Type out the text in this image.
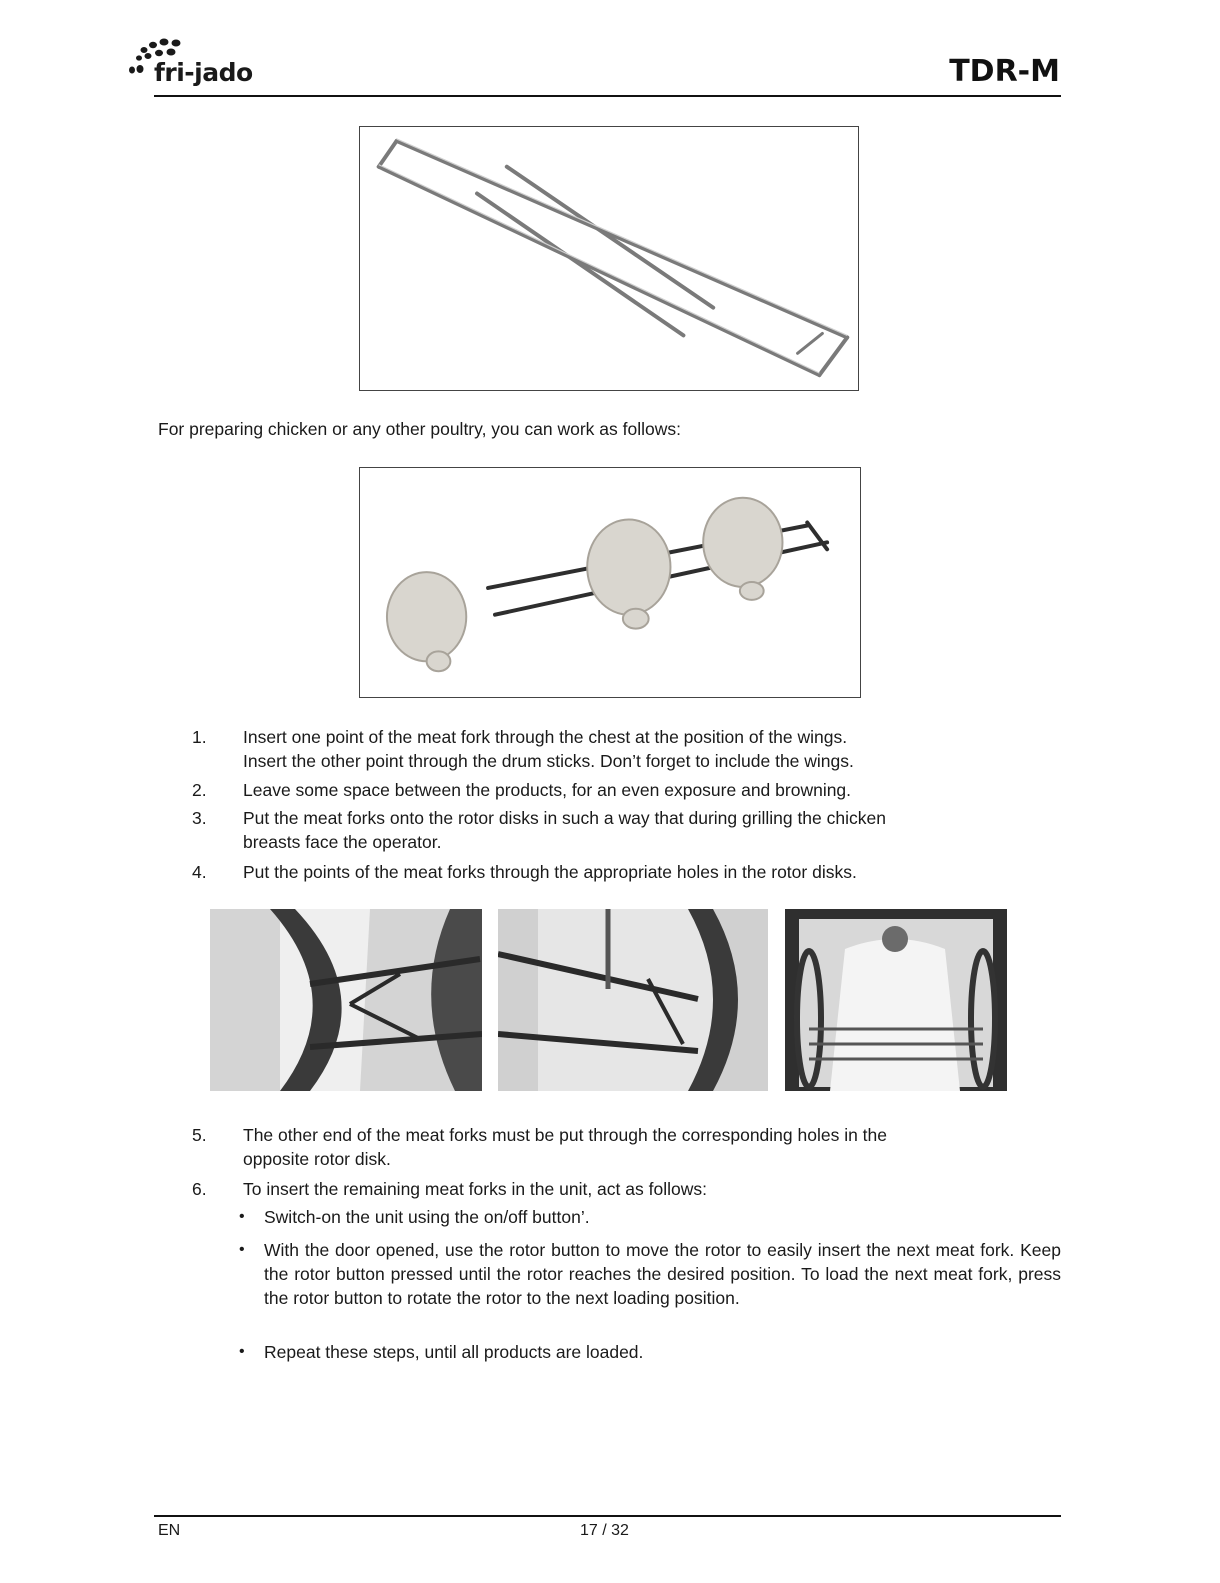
fri-jado	TDR-M
For preparing chicken or any other poultry, you can work as follows:
1.	Insert one point of the meat fork through the chest at the position of the wings.
Insert the other point through the drum sticks. Don’t forget to include the wings.
2.	Leave some space between the products, for an even exposure and browning.
3.	Put the meat forks onto the rotor disks in such a way that during grilling the chicken
breasts face the operator.
4.	Put the points of the meat forks through the appropriate holes in the rotor disks.
5.	The other end of the meat forks must be put through the corresponding holes in the
opposite rotor disk.
6.	To insert the remaining meat forks in the unit, act as follows:
• Switch-on the unit using the on/off button’.
• With the door opened, use the rotor button to move the rotor to easily insert the next meat fork. Keep the rotor button pressed until the rotor reaches the desired position. To load the next meat fork, press the rotor button to rotate the rotor to the next loading position.
• Repeat these steps, until all products are loaded.
EN	17 / 32
